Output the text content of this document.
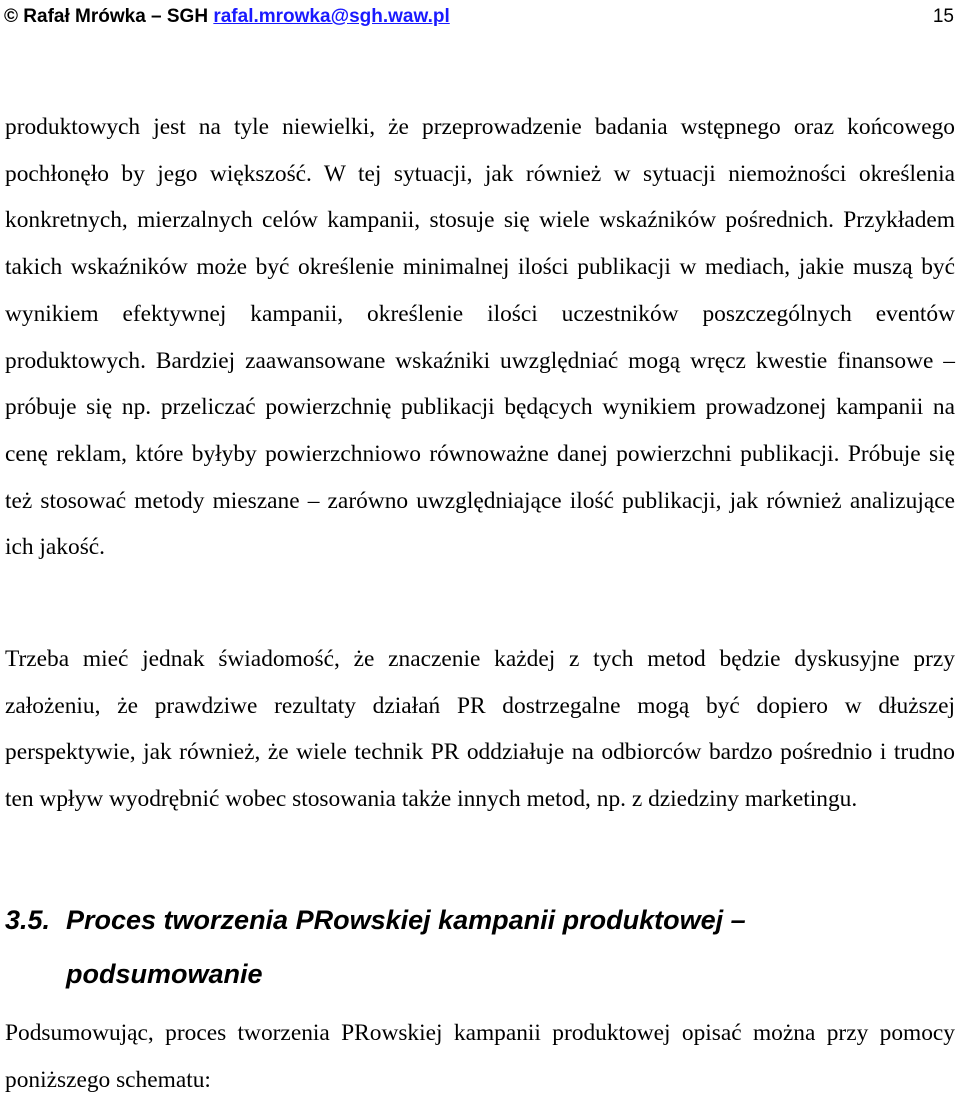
© Rafał Mrówka – SGH rafal.mrowka@sgh.waw.pl	15

produktowych jest na tyle niewielki, że przeprowadzenie badania wstępnego oraz końcowego pochłonęło by jego większość. W tej sytuacji, jak również w sytuacji niemożności określenia konkretnych, mierzalnych celów kampanii, stosuje się wiele wskaźników pośrednich. Przykładem takich wskaźników może być określenie minimalnej ilości publikacji w mediach, jakie muszą być wynikiem efektywnej kampanii, określenie ilości uczestników poszczególnych eventów produktowych. Bardziej zaawansowane wskaźniki uwzględniać mogą wręcz kwestie finansowe – próbuje się np. przeliczać powierzchnię publikacji będących wynikiem prowadzonej kampanii na cenę reklam, które byłyby powierzchniowo równoważne danej powierzchni publikacji. Próbuje się też stosować metody mieszane – zarówno uwzględniające ilość publikacji, jak również analizujące ich jakość.

Trzeba mieć jednak świadomość, że znaczenie każdej z tych metod będzie dyskusyjne przy założeniu, że prawdziwe rezultaty działań PR dostrzegalne mogą być dopiero w dłuższej perspektywie, jak również, że wiele technik PR oddziałuje na odbiorców bardzo pośrednio i trudno ten wpływ wyodrębnić wobec stosowania także innych metod, np. z dziedziny marketingu.

3.5. Proces tworzenia PRowskiej kampanii produktowej –
podsumowanie

Podsumowując, proces tworzenia PRowskiej kampanii produktowej opisać można przy pomocy poniższego schematu:
